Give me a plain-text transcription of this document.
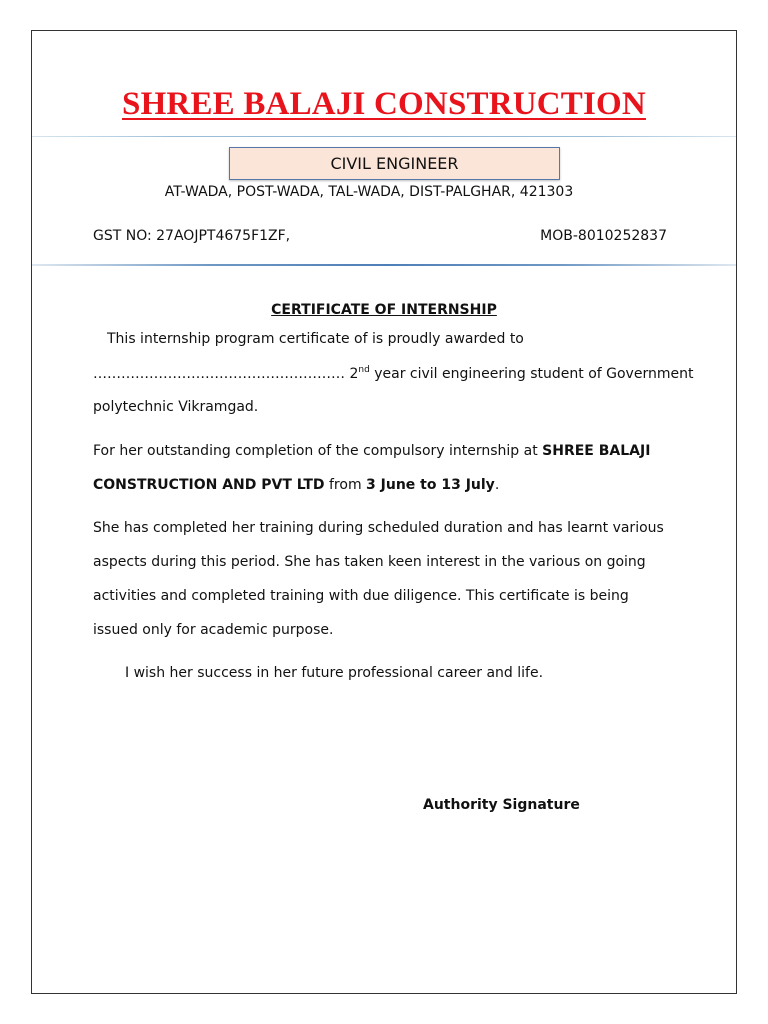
SHREE BALAJI CONSTRUCTION
CIVIL ENGINEER
AT-WADA, POST-WADA, TAL-WADA, DIST-PALGHAR, 421303
GST NO: 27AOJPT4675F1ZF,	MOB-8010252837
CERTIFICATE OF INTERNSHIP
This internship program certificate of is proudly awarded to
……………………………………………… 2nd year civil engineering student of Government
polytechnic Vikramgad.
For her outstanding completion of the compulsory internship at SHREE BALAJI
CONSTRUCTION AND PVT LTD from 3 June to 13 July.
She has completed her training during scheduled duration and has learnt various
aspects during this period. She has taken keen interest in the various on going
activities and completed training with due diligence. This certificate is being
issued only for academic purpose.
I wish her success in her future professional career and life.
Authority Signature
